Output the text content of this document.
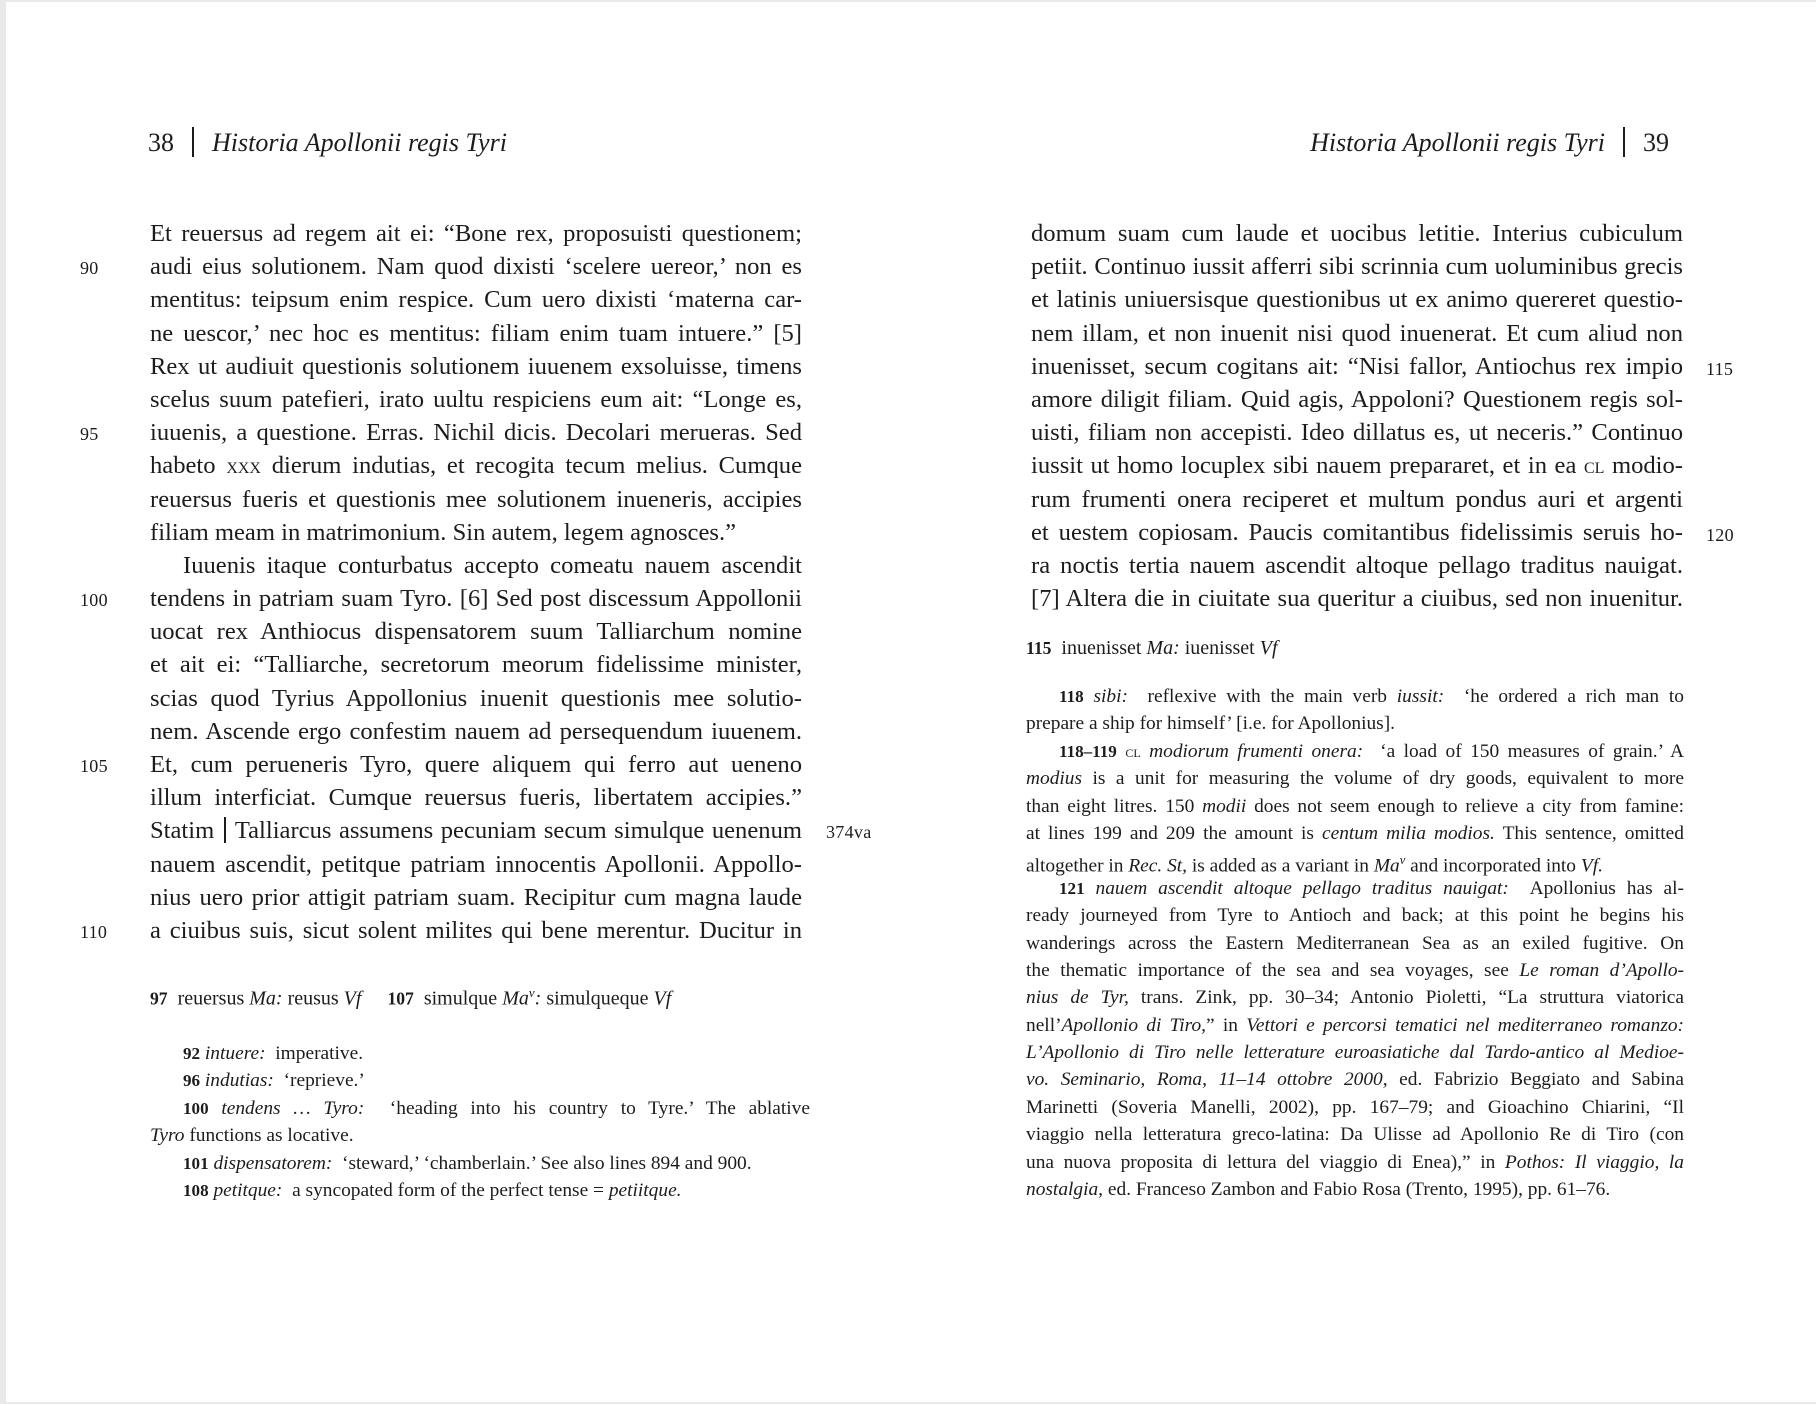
38 Historia Apollonii regis Tyri
Et reuersus ad regem ait ei: “Bone rex, proposuisti questionem;
90 audi eius solutionem. Nam quod dixisti ‘scelere uereor,’ non es
mentitus: teipsum enim respice. Cum uero dixisti ‘materna car-
ne uescor,’ nec hoc es mentitus: filiam enim tuam intuere.” [5]
Rex ut audiuit questionis solutionem iuuenem exsoluisse, timens
scelus suum patefieri, irato uultu respiciens eum ait: “Longe es,
95 iuuenis, a questione. Erras. Nichil dicis. Decolari merueras. Sed
habeto xxx dierum indutias, et recogita tecum melius. Cumque
reuersus fueris et questionis mee solutionem inueneris, accipies
filiam meam in matrimonium. Sin autem, legem agnosces.”
Iuuenis itaque conturbatus accepto comeatu nauem ascendit
100 tendens in patriam suam Tyro. [6] Sed post discessum Appollonii
uocat rex Anthiocus dispensatorem suum Talliarchum nomine
et ait ei: “Talliarche, secretorum meorum fidelissime minister,
scias quod Tyrius Appollonius inuenit questionis mee solutio-
nem. Ascende ergo confestim nauem ad persequendum iuuenem.
105 Et, cum perueneris Tyro, quere aliquem qui ferro aut ueneno
illum interficiat. Cumque reuersus fueris, libertatem accipies.”
Statim Talliarcus assumens pecuniam secum simulque uenenum 374va
nauem ascendit, petitque patriam innocentis Apollonii. Appollo-
nius uero prior attigit patriam suam. Recipitur cum magna laude
110 a ciuibus suis, sicut solent milites qui bene merentur. Ducitur in
97 reuersus Ma: reusus Vf 107 simulque Ma$^v$: simulqueque Vf
92 intuere: imperative.
96 indutias: ‘reprieve.’
100 tendens … Tyro: ‘heading into his country to Tyre.’ The ablative
Tyro functions as locative.
101 dispensatorem: ‘steward,’ ‘chamberlain.’ See also lines 894 and 900.
108 petitque: a syncopated form of the perfect tense = petiitque.
Historia Apollonii regis Tyri 39
domum suam cum laude et uocibus letitie. Interius cubiculum
petiit. Continuo iussit afferri sibi scrinnia cum uoluminibus grecis
et latinis uniuersisque questionibus ut ex animo quereret questio-
nem illam, et non inuenit nisi quod inuenerat. Et cum aliud non
inuenisset, secum cogitans ait: “Nisi fallor, Antiochus rex impio 115
amore diligit filiam. Quid agis, Appoloni? Questionem regis sol-
uisti, filiam non accepisti. Ideo dillatus es, ut neceris.” Continuo
iussit ut homo locuplex sibi nauem prepararet, et in ea cl modio-
rum frumenti onera reciperet et multum pondus auri et argenti
et uestem copiosam. Paucis comitantibus fidelissimis seruis ho- 120
ra noctis tertia nauem ascendit altoque pellago traditus nauigat.
[7] Altera die in ciuitate sua queritur a ciuibus, sed non inuenitur.
115 inuenisset Ma: iuenisset Vf
118 sibi: reflexive with the main verb iussit: ‘he ordered a rich man to
prepare a ship for himself’ [i.e. for Apollonius].
118–119 cl modiorum frumenti onera: ‘a load of 150 measures of grain.’ A
modius is a unit for measuring the volume of dry goods, equivalent to more
than eight litres. 150 modii does not seem enough to relieve a city from famine:
at lines 199 and 209 the amount is centum milia modios. This sentence, omitted
altogether in Rec. St, is added as a variant in Ma$^v$ and incorporated into Vf.
121 nauem ascendit altoque pellago traditus nauigat: Apollonius has al-
ready journeyed from Tyre to Antioch and back; at this point he begins his
wanderings across the Eastern Mediterranean Sea as an exiled fugitive. On
the thematic importance of the sea and sea voyages, see Le roman d’Apollo-
nius de Tyr, trans. Zink, pp. 30–34; Antonio Pioletti, “La struttura viatorica
nell’Apollonio di Tiro,” in Vettori e percorsi tematici nel mediterraneo romanzo:
L’Apollonio di Tiro nelle letterature euroasiatiche dal Tardo-antico al Medioe-
vo. Seminario, Roma, 11–14 ottobre 2000, ed. Fabrizio Beggiato and Sabina
Marinetti (Soveria Manelli, 2002), pp. 167–79; and Gioachino Chiarini, “Il
viaggio nella letteratura greco-latina: Da Ulisse ad Apollonio Re di Tiro (con
una nuova proposita di lettura del viaggio di Enea),” in Pothos: Il viaggio, la
nostalgia, ed. Franceso Zambon and Fabio Rosa (Trento, 1995), pp. 61–76.
